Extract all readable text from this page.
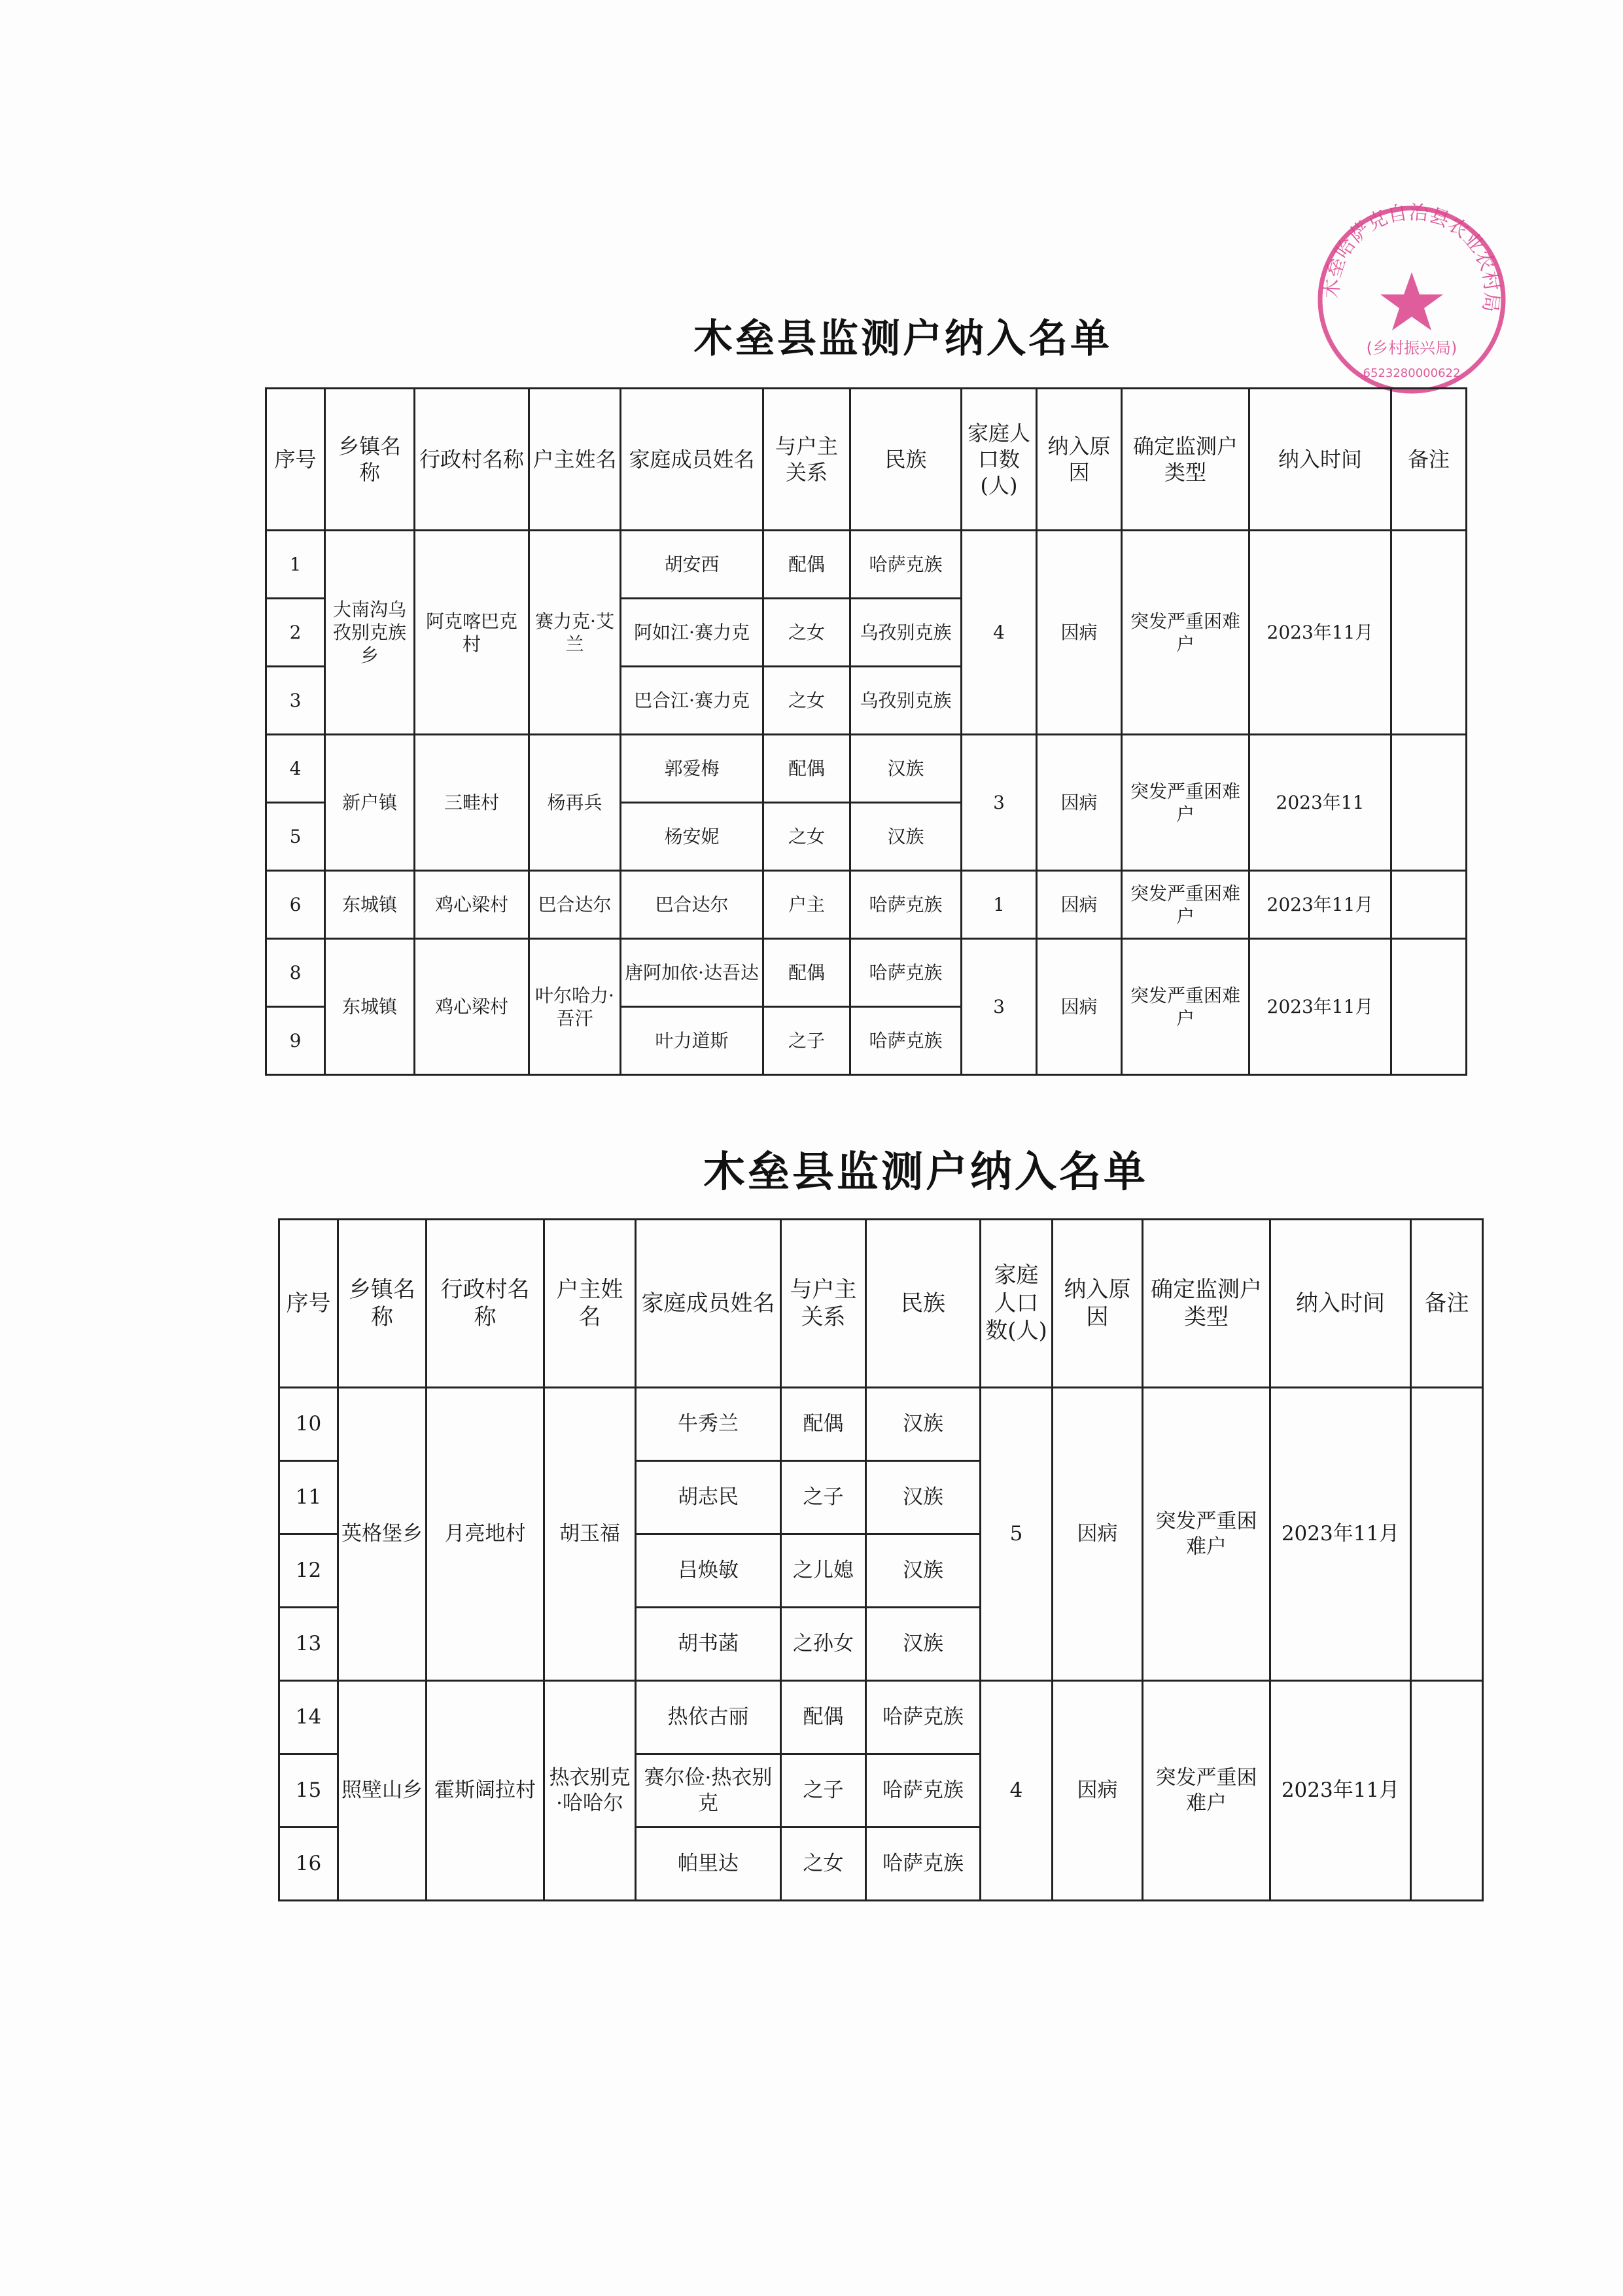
木垒哈萨克自治县农业农村局
(乡村振兴局)
6523280000622
木垒县监测户纳入名单
序号	乡镇名称	行政村名称	户主姓名	家庭成员姓名	与户主关系	民族	家庭人口数(人)	纳入原因	确定监测户类型	纳入时间	备注
1	大南沟乌孜别克族乡	阿克喀巴克村	赛力克·艾兰	胡安西	配偶	哈萨克族	4	因病	突发严重困难户	2023年11月	
2				阿如江·赛力克	之女	乌孜别克族					
3				巴合江·赛力克	之女	乌孜别克族					
4	新户镇	三畦村	杨再兵	郭爱梅	配偶	汉族	3	因病	突发严重困难户	2023年11	
5				杨安妮	之女	汉族					
6	东城镇	鸡心梁村	巴合达尔	巴合达尔	户主	哈萨克族	1	因病	突发严重困难户	2023年11月	
8	东城镇	鸡心梁村	叶尔哈力·吾汗	唐阿加依·达吾达	配偶	哈萨克族	3	因病	突发严重困难户	2023年11月	
9				叶力道斯	之子	哈萨克族					
木垒县监测户纳入名单
序号	乡镇名称	行政村名称	户主姓名	家庭成员姓名	与户主关系	民族	家庭人口数(人)	纳入原因	确定监测户类型	纳入时间	备注
10	英格堡乡	月亮地村	胡玉福	牛秀兰	配偶	汉族	5	因病	突发严重困难户	2023年11月	
11				胡志民	之子	汉族					
12				吕焕敏	之儿媳	汉族					
13				胡书菡	之孙女	汉族					
14	照壁山乡	霍斯阔拉村	热衣别克·哈哈尔	热依古丽	配偶	哈萨克族	4	因病	突发严重困难户	2023年11月	
15				赛尔俭·热衣别克	之子	哈萨克族					
16				帕里达	之女	哈萨克族					
